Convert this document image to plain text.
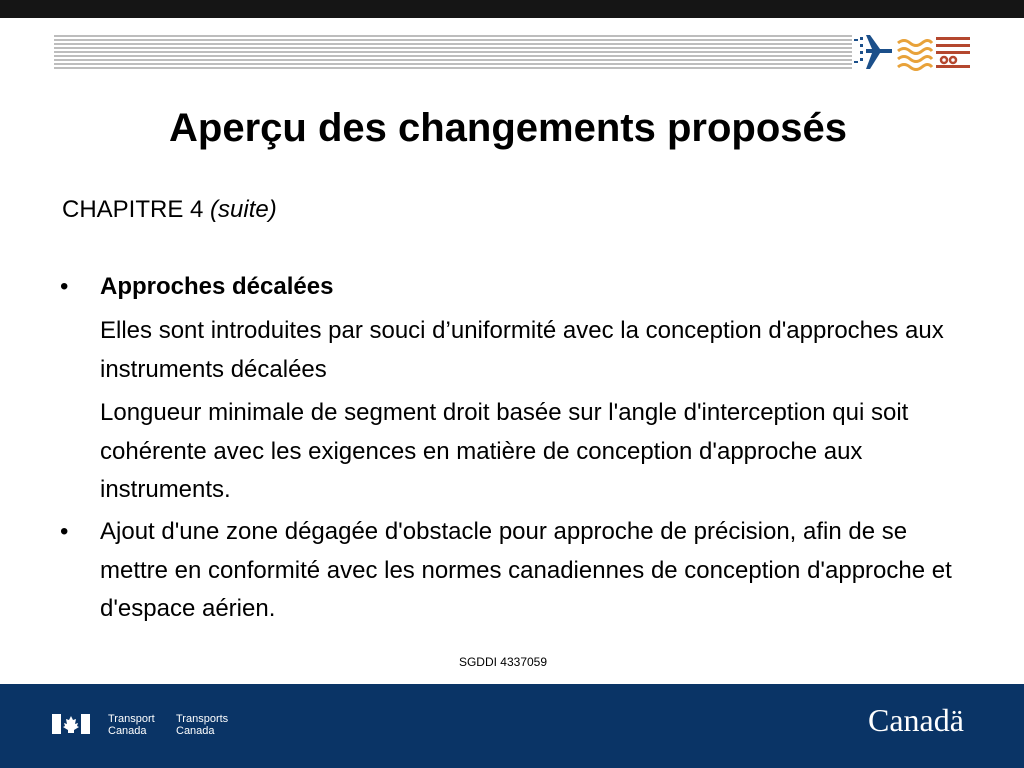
Aperçu des changements proposés
CHAPITRE 4 (suite)
•	Approches décalées
Elles sont introduites par souci d’uniformité avec la conception d'approches aux instruments décalées
Longueur minimale de segment droit basée sur l'angle d'interception qui soit cohérente avec les exigences en matière de conception d'approche aux instruments.
•	Ajout d'une zone dégagée d'obstacle pour approche de précision, afin de se mettre en conformité avec les normes canadiennes de conception d'approche et d'espace aérien.
SGDDI 4337059
Transport
Canada
Transports
Canada	Canadä
